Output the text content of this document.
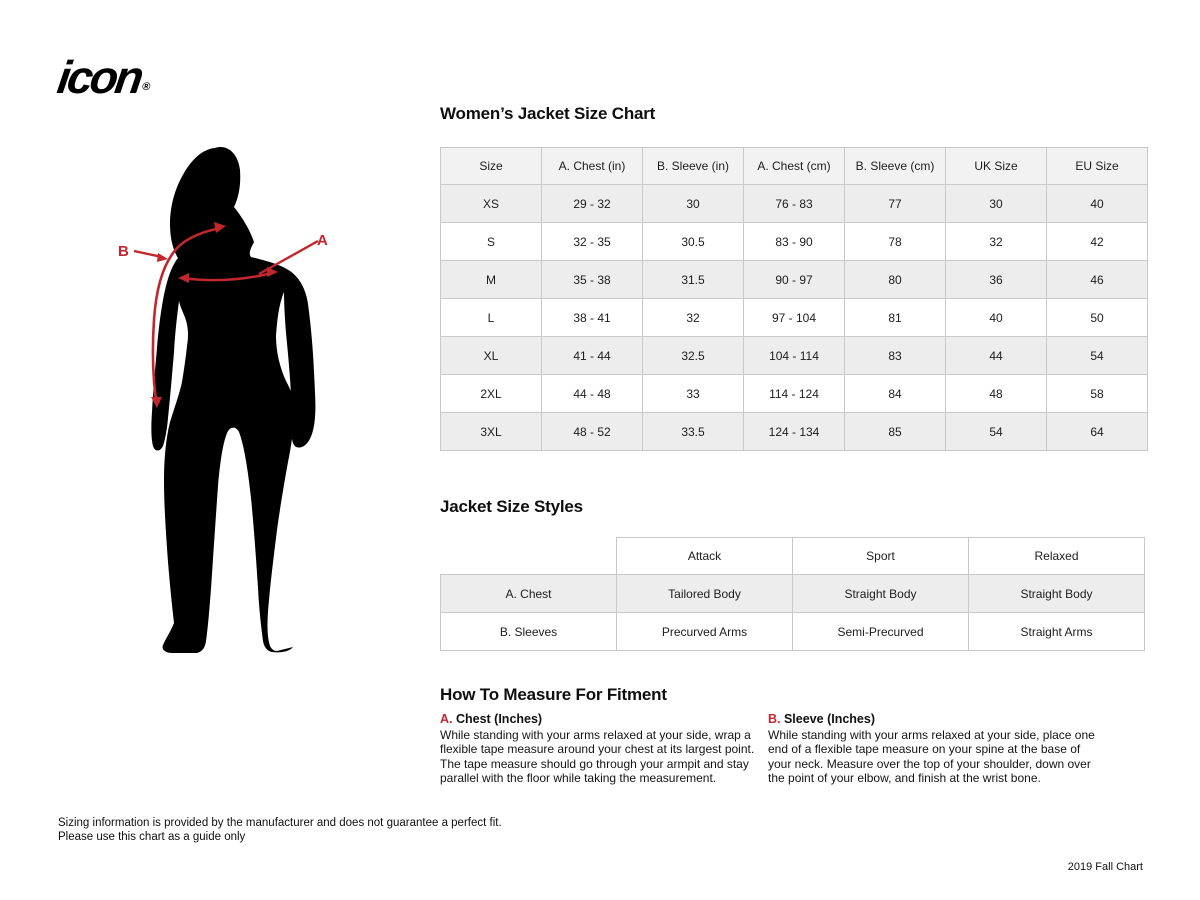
icon®
A
B
Women’s Jacket Size Chart
Size	A. Chest (in)	B. Sleeve (in)	A. Chest (cm)	B. Sleeve (cm)	UK Size	EU Size
XS	29 - 32	30	76 - 83	77	30	40
S	32 - 35	30.5	83 - 90	78	32	42
M	35 - 38	31.5	90 - 97	80	36	46
L	38 - 41	32	97 - 104	81	40	50
XL	41 - 44	32.5	104 - 114	83	44	54
2XL	44 - 48	33	114 - 124	84	48	58
3XL	48 - 52	33.5	124 - 134	85	54	64
Jacket Size Styles
	Attack	Sport	Relaxed
A. Chest	Tailored Body	Straight Body	Straight Body
B. Sleeves	Precurved Arms	Semi-Precurved	Straight Arms
How To Measure For Fitment
A. Chest (Inches)
While standing with your arms relaxed at your side, wrap a flexible tape measure around your chest at its largest point. The tape measure should go through your armpit and stay parallel with the floor while taking the measurement.
B. Sleeve (Inches)
While standing with your arms relaxed at your side, place one end of a flexible tape measure on your spine at the base of your neck. Measure over the top of your shoulder, down over the point of your elbow, and finish at the wrist bone.
Sizing information is provided by the manufacturer and does not guarantee a perfect fit.
Please use this chart as a guide only
2019 Fall Chart
